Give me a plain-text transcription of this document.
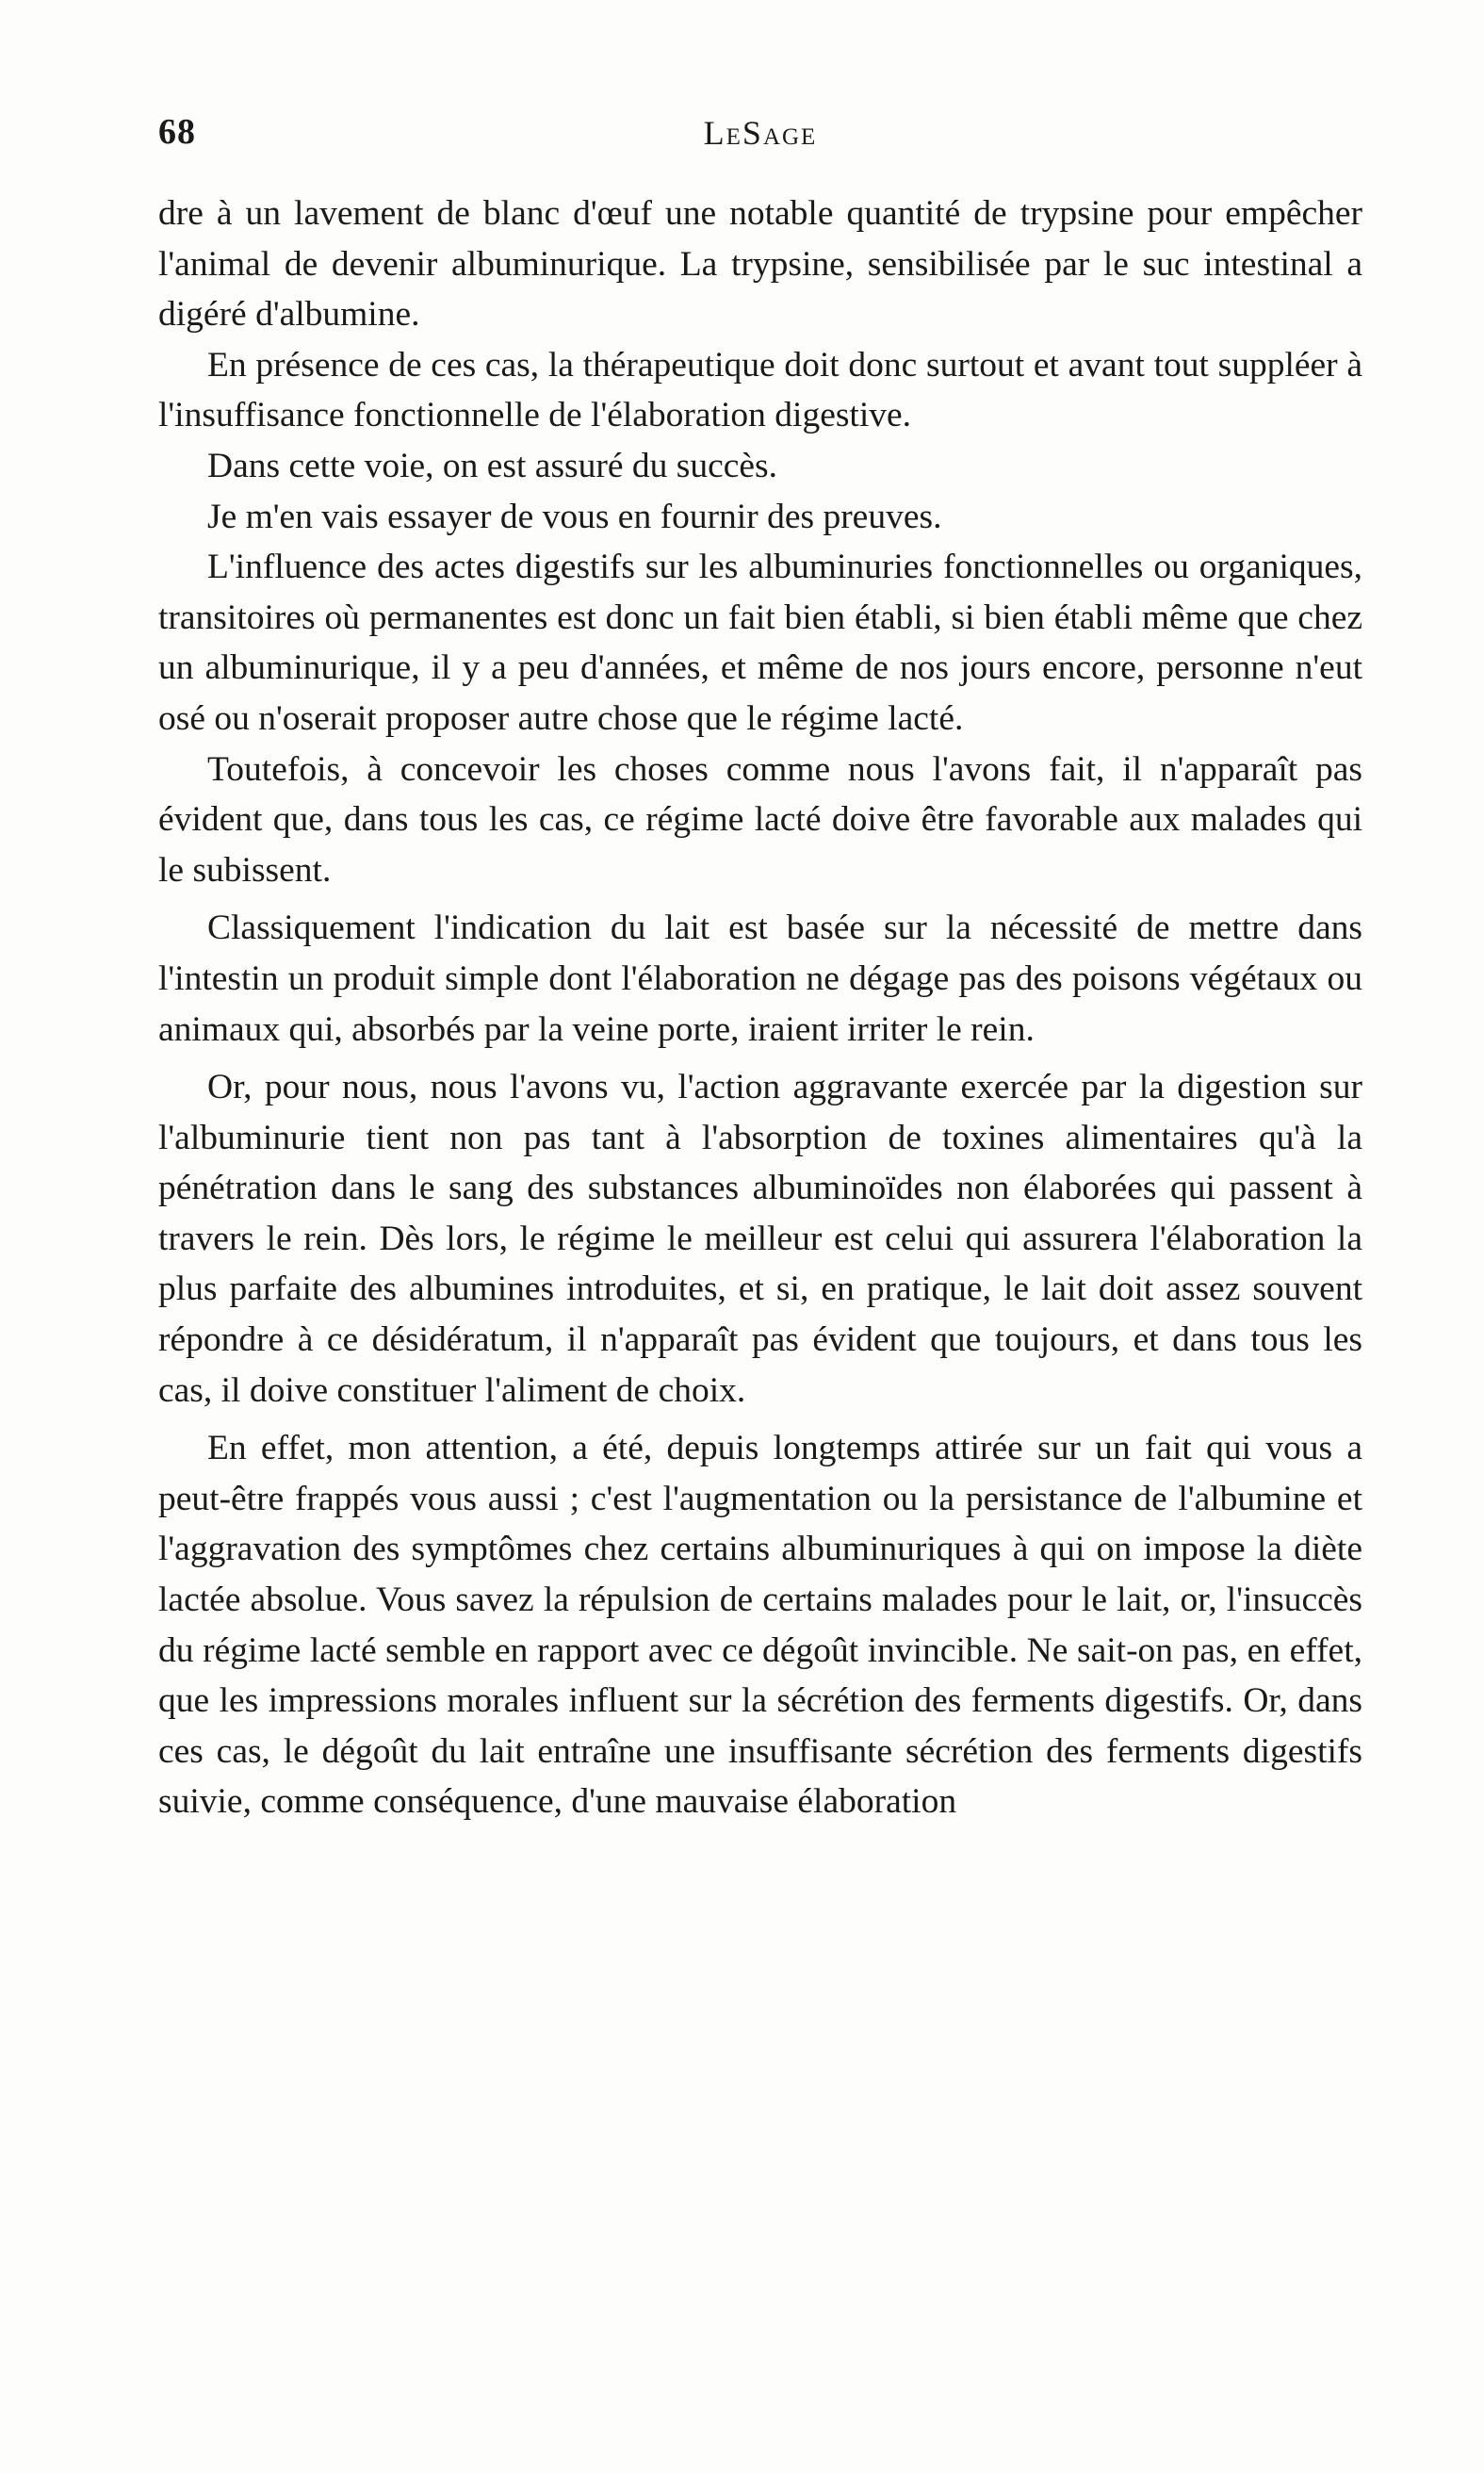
68	LeSage

dre à un lavement de blanc d'œuf une notable quantité de trypsine pour empêcher l'animal de devenir albuminurique. La trypsine, sensibilisée par le suc intestinal a digéré d'albumine.

En présence de ces cas, la thérapeutique doit donc surtout et avant tout suppléer à l'insuffisance fonctionnelle de l'élaboration digestive.

Dans cette voie, on est assuré du succès.

Je m'en vais essayer de vous en fournir des preuves.

L'influence des actes digestifs sur les albuminuries fonctionnelles ou organiques, transitoires où permanentes est donc un fait bien établi, si bien établi même que chez un albuminurique, il y a peu d'années, et même de nos jours encore, personne n'eut osé ou n'oserait proposer autre chose que le régime lacté.

Toutefois, à concevoir les choses comme nous l'avons fait, il n'apparaît pas évident que, dans tous les cas, ce régime lacté doive être favorable aux malades qui le subissent.

Classiquement l'indication du lait est basée sur la nécessité de mettre dans l'intestin un produit simple dont l'élaboration ne dégage pas des poisons végétaux ou animaux qui, absorbés par la veine porte, iraient irriter le rein.

Or, pour nous, nous l'avons vu, l'action aggravante exercée par la digestion sur l'albuminurie tient non pas tant à l'absorption de toxines alimentaires qu'à la pénétration dans le sang des substances albuminoïdes non élaborées qui passent à travers le rein. Dès lors, le régime le meilleur est celui qui assurera l'élaboration la plus parfaite des albumines introduites, et si, en pratique, le lait doit assez souvent répondre à ce désidératum, il n'apparaît pas évident que toujours, et dans tous les cas, il doive constituer l'aliment de choix.

En effet, mon attention, a été, depuis longtemps attirée sur un fait qui vous a peut-être frappés vous aussi ; c'est l'augmentation ou la persistance de l'albumine et l'aggravation des symptômes chez certains albuminuriques à qui on impose la diète lactée absolue. Vous savez la répulsion de certains malades pour le lait, or, l'insuccès du régime lacté semble en rapport avec ce dégoût invincible. Ne sait-on pas, en effet, que les impressions morales influent sur la sécrétion des ferments digestifs. Or, dans ces cas, le dégoût du lait entraîne une insuffisante sécrétion des ferments digestifs suivie, comme conséquence, d'une mauvaise élaboration
